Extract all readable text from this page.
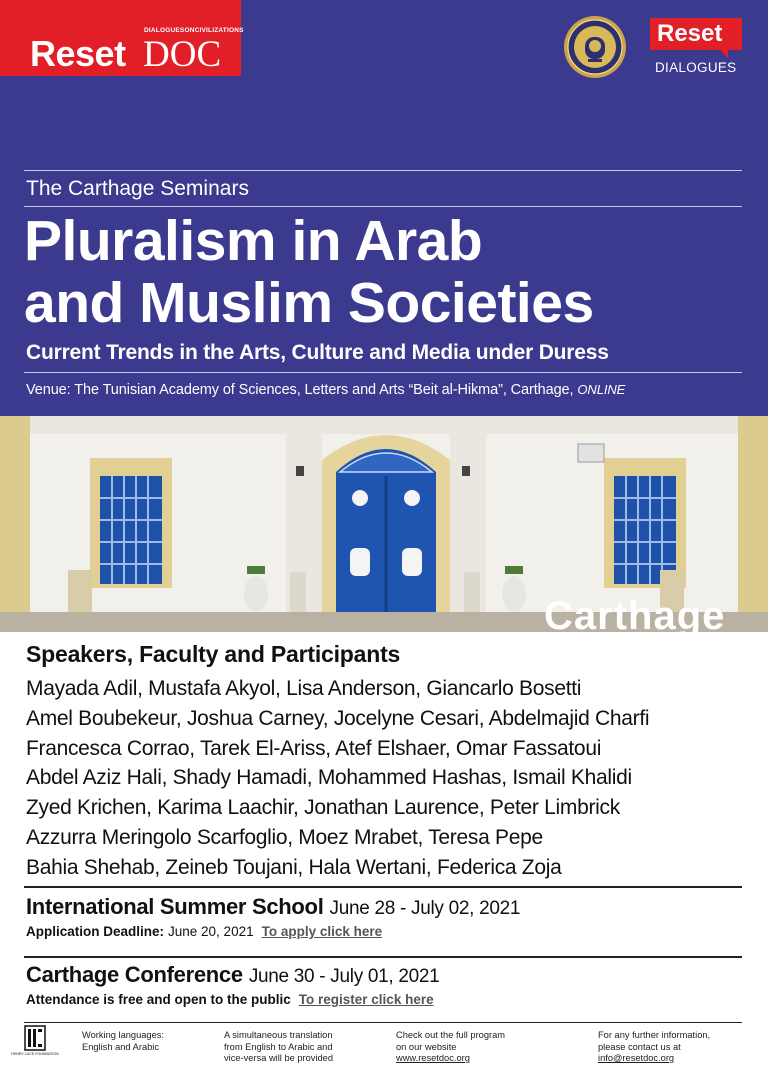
DIALOGUESONCIVILIZATIONS
Reset DOC
Reset
DIALOGUES
The Carthage Seminars
Pluralism in Arab
and Muslim Societies
Current Trends in the Arts, Culture and Media under Duress
Venue: The Tunisian Academy of Sciences, Letters and Arts “Beit al-Hikma”, Carthage, ONLINE
Carthage
Speakers, Faculty and Participants
Mayada Adil, Mustafa Akyol, Lisa Anderson, Giancarlo Bosetti
Amel Boubekeur, Joshua Carney, Jocelyne Cesari, Abdelmajid Charfi
Francesca Corrao, Tarek El-Ariss, Atef Elshaer, Omar Fassatoui
Abdel Aziz Hali, Shady Hamadi, Mohammed Hashas, Ismail Khalidi
Zyed Krichen, Karima Laachir, Jonathan Laurence, Peter Limbrick
Azzurra Meringolo Scarfoglio, Moez Mrabet, Teresa Pepe
Bahia Shehab, Zeineb Toujani, Hala Wertani, Federica Zoja
International Summer School June 28 - July 02, 2021
Application Deadline: June 20, 2021 To apply click here
Carthage Conference June 30 - July 01, 2021
Attendance is free and open to the public To register click here
HENRY LUCE FOUNDATION
Working languages:
English and Arabic
A simultaneous translation
from English to Arabic and
vice-versa will be provided
Check out the full program
on our website
www.resetdoc.org
For any further information,
please contact us at
info@resetdoc.org
